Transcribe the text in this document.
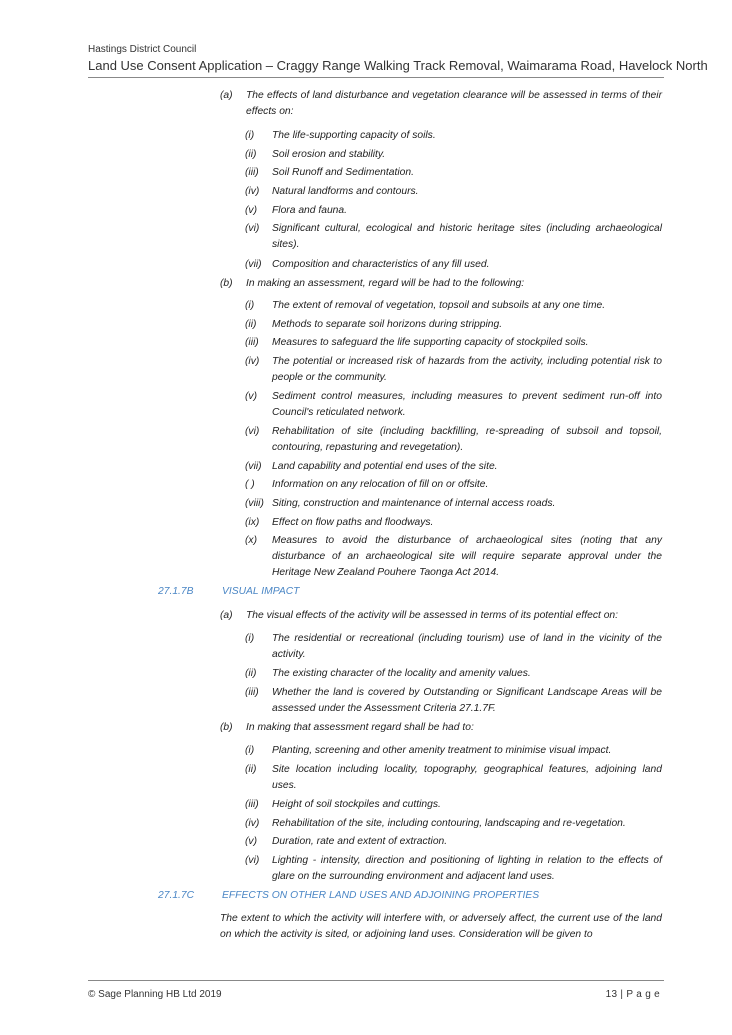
Hastings District Council
Land Use Consent Application – Craggy Range Walking Track Removal, Waimarama Road, Havelock North
(a) The effects of land disturbance and vegetation clearance will be assessed in terms of their effects on:
(i) The life-supporting capacity of soils.
(ii) Soil erosion and stability.
(iii) Soil Runoff and Sedimentation.
(iv) Natural landforms and contours.
(v) Flora and fauna.
(vi) Significant cultural, ecological and historic heritage sites (including archaeological sites).
(vii) Composition and characteristics of any fill used.
(b) In making an assessment, regard will be had to the following:
(i) The extent of removal of vegetation, topsoil and subsoils at any one time.
(ii) Methods to separate soil horizons during stripping.
(iii) Measures to safeguard the life supporting capacity of stockpiled soils.
(iv) The potential or increased risk of hazards from the activity, including potential risk to people or the community.
(v) Sediment control measures, including measures to prevent sediment run-off into Council's reticulated network.
(vi) Rehabilitation of site (including backfilling, re-spreading of subsoil and topsoil, contouring, repasturing and revegetation).
(vii) Land capability and potential end uses of the site.
( ) Information on any relocation of fill on or offsite.
(viii) Siting, construction and maintenance of internal access roads.
(ix) Effect on flow paths and floodways.
(x) Measures to avoid the disturbance of archaeological sites (noting that any disturbance of an archaeological site will require separate approval under the Heritage New Zealand Pouhere Taonga Act 2014.
27.1.7B	VISUAL IMPACT
(a) The visual effects of the activity will be assessed in terms of its potential effect on:
(i) The residential or recreational (including tourism) use of land in the vicinity of the activity.
(ii) The existing character of the locality and amenity values.
(iii) Whether the land is covered by Outstanding or Significant Landscape Areas will be assessed under the Assessment Criteria 27.1.7F.
(b) In making that assessment regard shall be had to:
(i) Planting, screening and other amenity treatment to minimise visual impact.
(ii) Site location including locality, topography, geographical features, adjoining land uses.
(iii) Height of soil stockpiles and cuttings.
(iv) Rehabilitation of the site, including contouring, landscaping and re-vegetation.
(v) Duration, rate and extent of extraction.
(vi) Lighting - intensity, direction and positioning of lighting in relation to the effects of glare on the surrounding environment and adjacent land uses.
27.1.7C	EFFECTS ON OTHER LAND USES AND ADJOINING PROPERTIES
The extent to which the activity will interfere with, or adversely affect, the current use of the land on which the activity is sited, or adjoining land uses. Consideration will be given to
© Sage Planning HB Ltd 2019	13 | P a g e
